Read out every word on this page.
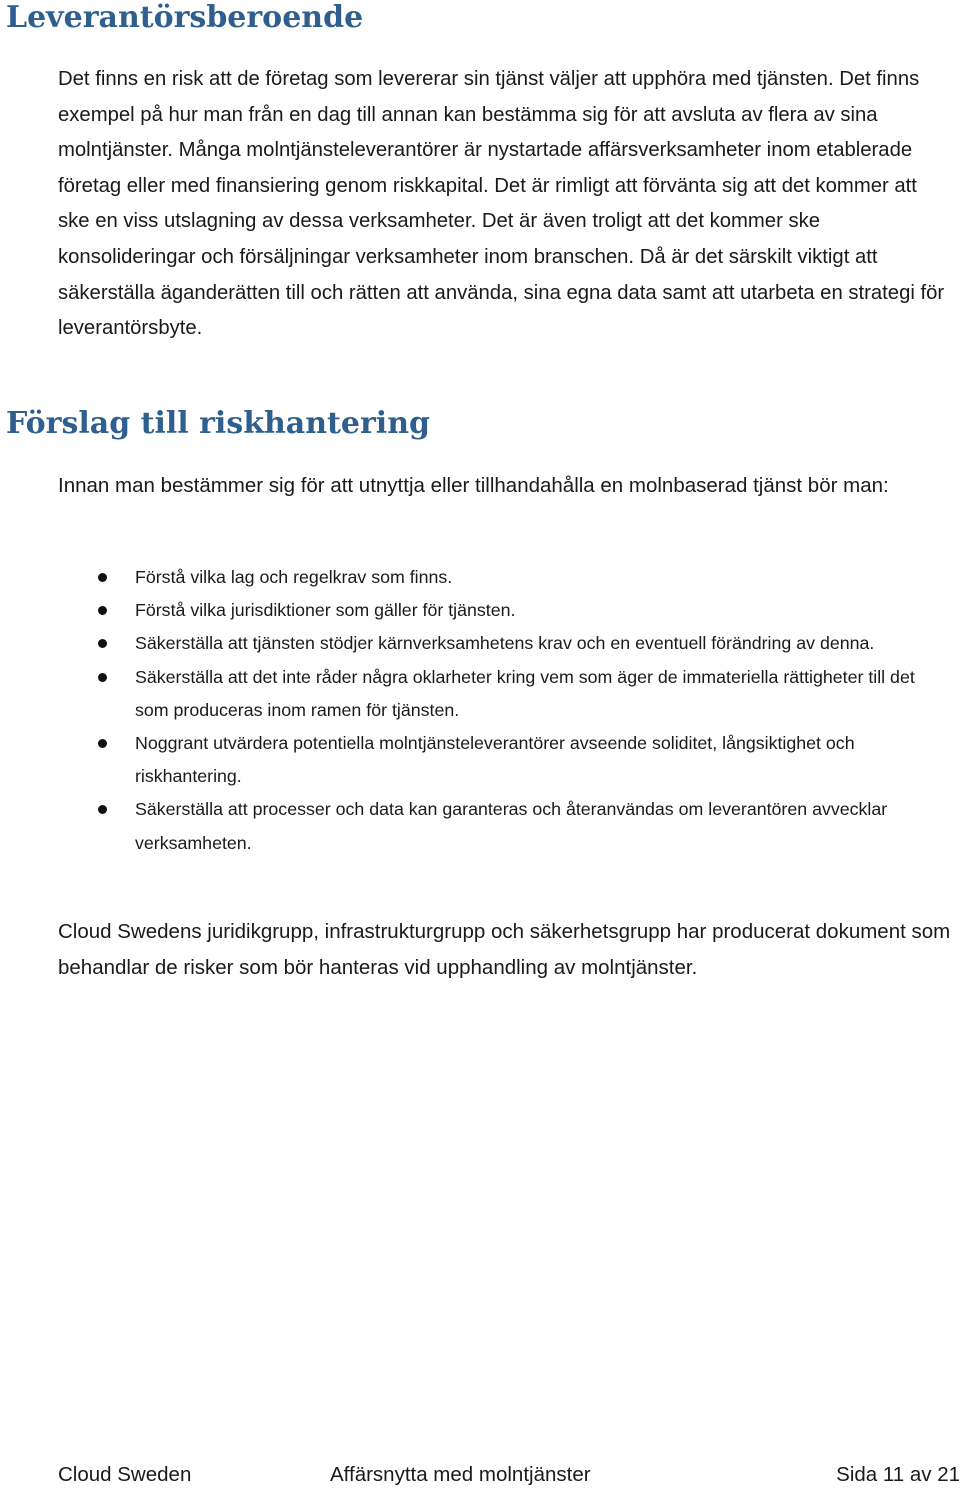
Leverantörsberoende

Det finns en risk att de företag som levererar sin tjänst väljer att upphöra med tjänsten. Det finns exempel på hur man från en dag till annan kan bestämma sig för att avsluta av flera av sina molntjänster. Många molntjänsteleverantörer är nystartade affärsverksamheter inom etablerade företag eller med finansiering genom riskkapital. Det är rimligt att förvänta sig att det kommer att ske en viss utslagning av dessa verksamheter. Det är även troligt att det kommer ske konsolideringar och försäljningar verksamheter inom branschen. Då är det särskilt viktigt att säkerställa äganderätten till och rätten att använda, sina egna data samt att utarbeta en strategi för leverantörsbyte.

Förslag till riskhantering

Innan man bestämmer sig för att utnyttja eller tillhandahålla en molnbaserad tjänst bör man:

Förstå vilka lag och regelkrav som finns.
Förstå vilka jurisdiktioner som gäller för tjänsten.
Säkerställa att tjänsten stödjer kärnverksamhetens krav och en eventuell förändring av denna.
Säkerställa att det inte råder några oklarheter kring vem som äger de immateriella rättigheter till det som produceras inom ramen för tjänsten.
Noggrant utvärdera potentiella molntjänsteleverantörer avseende soliditet, långsiktighet och riskhantering.
Säkerställa att processer och data kan garanteras och återanvändas om leverantören avvecklar verksamheten.

Cloud Swedens juridikgrupp, infrastrukturgrupp och säkerhetsgrupp har producerat dokument som behandlar de risker som bör hanteras vid upphandling av molntjänster.

Cloud Sweden	Affärsnytta med molntjänster	Sida 11 av 21
